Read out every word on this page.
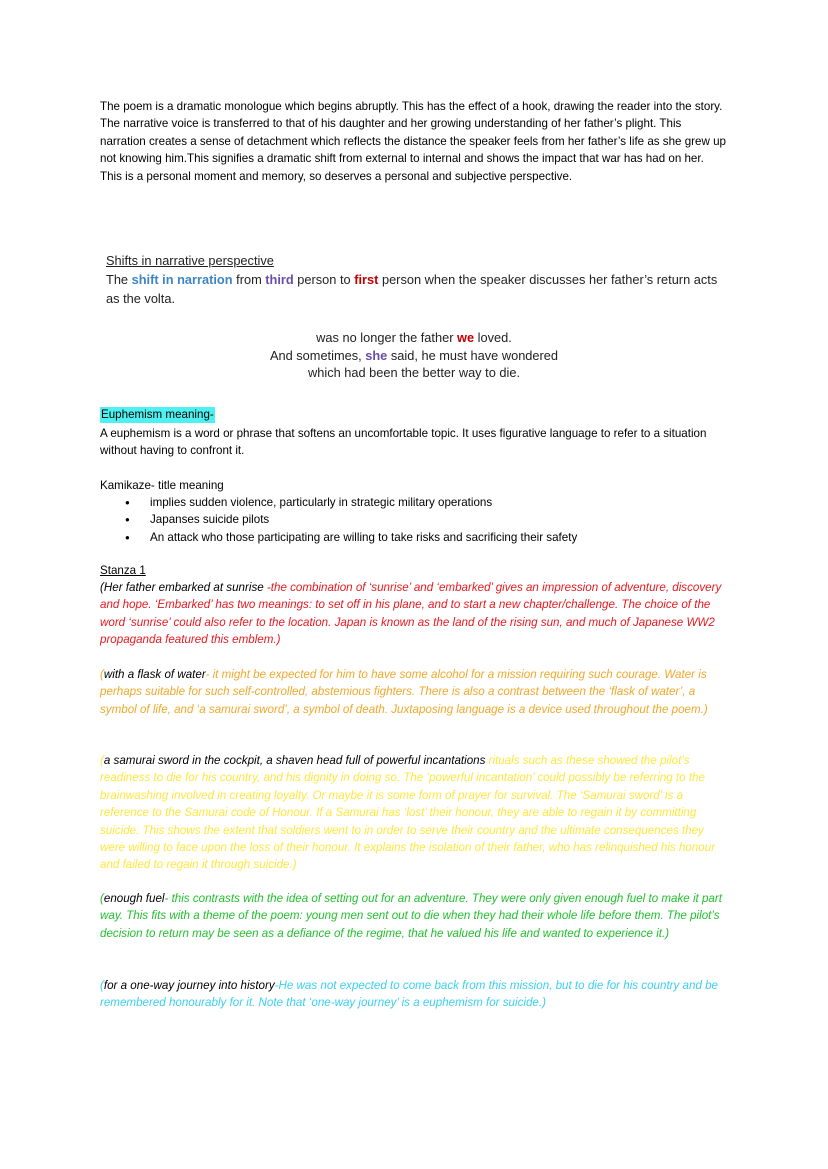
The poem is a dramatic monologue which begins abruptly. This has the effect of a hook, drawing the reader into the story. The narrative voice is transferred to that of his daughter and her growing understanding of her father’s plight. This narration creates a sense of detachment which reflects the distance the speaker feels from her father’s life as she grew up not knowing him.This signifies a dramatic shift from external to internal and shows the impact that war has had on her. This is a personal moment and memory, so deserves a personal and subjective perspective.

Shifts in narrative perspective
The shift in narration from third person to first person when the speaker discusses her father’s return acts as the volta.
was no longer the father we loved.
And sometimes, she said, he must have wondered
which had been the better way to die.
Euphemism meaning-

A euphemism is a word or phrase that softens an uncomfortable topic. It uses figurative language to refer to a situation without having to confront it.

Kamikaze- title meaning
● implies sudden violence, particularly in strategic military operations
● Japanses suicide pilots
● An attack who those participating are willing to take risks and sacrificing their safety
Stanza 1

(Her father embarked at sunrise -the combination of ‘sunrise’ and ‘embarked’ gives an impression of adventure, discovery and hope. ‘Embarked’ has two meanings: to set off in his plane, and to start a new chapter/challenge. The choice of the word ‘sunrise’ could also refer to the location. Japan is known as the land of the rising sun, and much of Japanese WW2 propaganda featured this emblem.)

(with a flask of water- it might be expected for him to have some alcohol for a mission requiring such courage. Water is perhaps suitable for such self-controlled, abstemious fighters. There is also a contrast between the ‘flask of water’, a symbol of life, and ‘a samurai sword’, a symbol of death. Juxtaposing language is a device used throughout the poem.)

(a samurai sword in the cockpit, a shaven head full of powerful incantations rituals such as these showed the pilot’s readiness to die for his country, and his dignity in doing so. The ‘powerful incantation’ could possibly be referring to the brainwashing involved in creating loyalty. Or maybe it is some form of prayer for survival. The ‘Samurai sword’ is a reference to the Samurai code of Honour. If a Samurai has ‘lost’ their honour, they are able to regain it by committing suicide. This shows the extent that soldiers went to in order to serve their country and the ultimate consequences they were willing to face upon the loss of their honour. It explains the isolation of their father, who has relinquished his honour and failed to regain it through suicide.)

(enough fuel- this contrasts with the idea of setting out for an adventure. They were only given enough fuel to make it part way. This fits with a theme of the poem: young men sent out to die when they had their whole life before them. The pilot’s decision to return may be seen as a defiance of the regime, that he valued his life and wanted to experience it.)

(for a one-way journey into history-He was not expected to come back from this mission, but to die for his country and be remembered honourably for it. Note that ‘one-way journey’ is a euphemism for suicide.)
